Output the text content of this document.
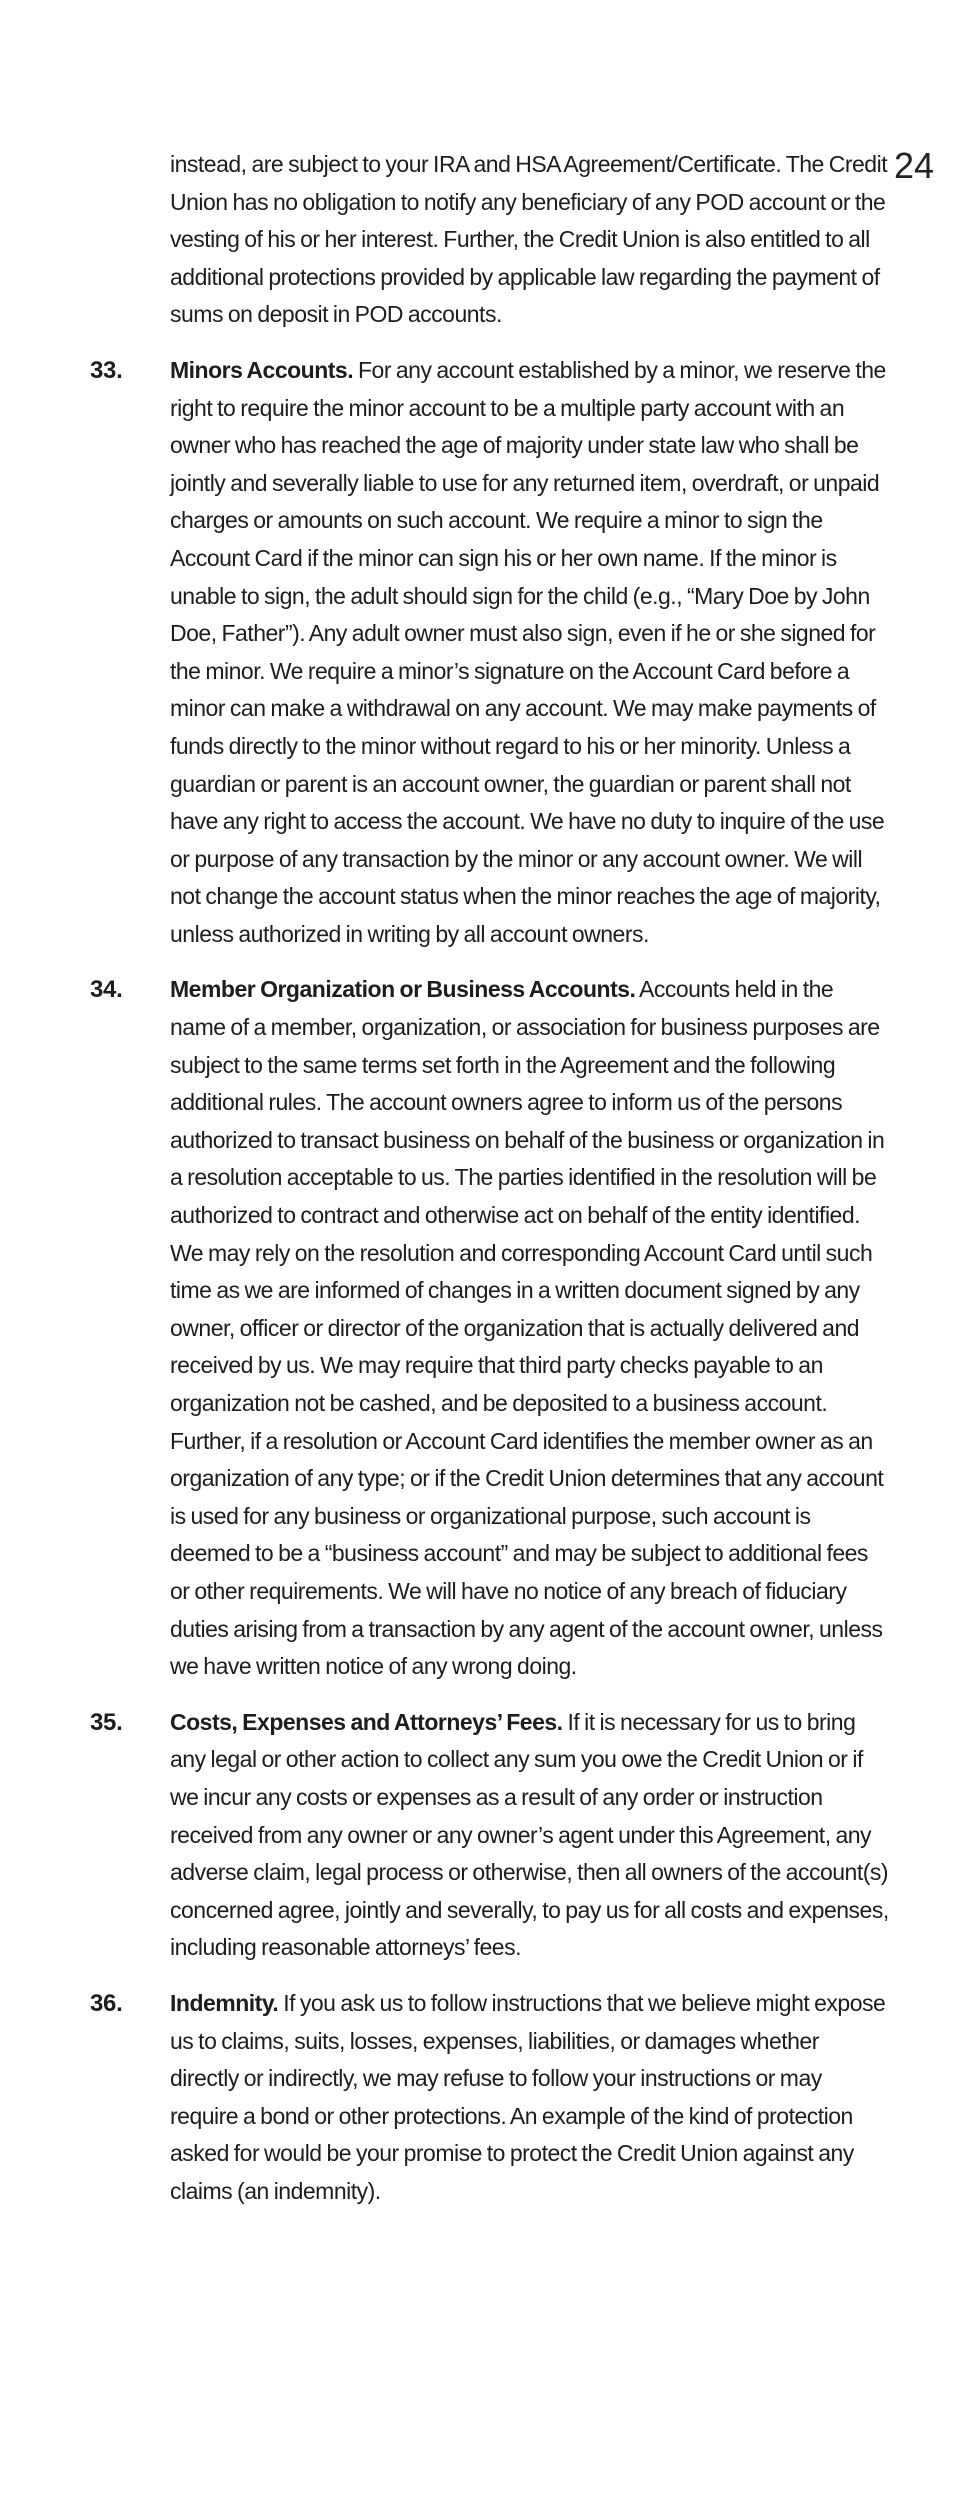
24
instead, are subject to your IRA and HSA Agreement/Certificate. The Credit Union has no obligation to notify any beneficiary of any POD account or the vesting of his or her interest. Further, the Credit Union is also entitled to all additional protections provided by applicable law regarding the payment of sums on deposit in POD accounts.
33.	Minors Accounts. For any account established by a minor, we reserve the right to require the minor account to be a multiple party account with an owner who has reached the age of majority under state law who shall be jointly and severally liable to use for any returned item, overdraft, or unpaid charges or amounts on such account. We require a minor to sign the Account Card if the minor can sign his or her own name. If the minor is unable to sign, the adult should sign for the child (e.g., “Mary Doe by John Doe, Father”). Any adult owner must also sign, even if he or she signed for the minor. We require a minor’s signature on the Account Card before a minor can make a withdrawal on any account. We may make payments of funds directly to the minor without regard to his or her minority. Unless a guardian or parent is an account owner, the guardian or parent shall not have any right to access the account. We have no duty to inquire of the use or purpose of any transaction by the minor or any account owner. We will not change the account status when the minor reaches the age of majority, unless authorized in writing by all account owners.
34.	Member Organization or Business Accounts. Accounts held in the name of a member, organization, or association for business purposes are subject to the same terms set forth in the Agreement and the following additional rules. The account owners agree to inform us of the persons authorized to transact business on behalf of the business or organization in a resolution acceptable to us. The parties identified in the resolution will be authorized to contract and otherwise act on behalf of the entity identified. We may rely on the resolution and corresponding Account Card until such time as we are informed of changes in a written document signed by any owner, officer or director of the organization that is actually delivered and received by us. We may require that third party checks payable to an organization not be cashed, and be deposited to a business account. Further, if a resolution or Account Card identifies the member owner as an organization of any type; or if the Credit Union determines that any account is used for any business or organizational purpose, such account is deemed to be a “business account” and may be subject to additional fees or other requirements. We will have no notice of any breach of fiduciary duties arising from a transaction by any agent of the account owner, unless we have written notice of any wrong doing.
35.	Costs, Expenses and Attorneys’ Fees. If it is necessary for us to bring any legal or other action to collect any sum you owe the Credit Union or if we incur any costs or expenses as a result of any order or instruction received from any owner or any owner’s agent under this Agreement, any adverse claim, legal process or otherwise, then all owners of the account(s) concerned agree, jointly and severally, to pay us for all costs and expenses, including reasonable attorneys’ fees.
36.	Indemnity. If you ask us to follow instructions that we believe might expose us to claims, suits, losses, expenses, liabilities, or damages whether directly or indirectly, we may refuse to follow your instructions or may require a bond or other protections. An example of the kind of protection asked for would be your promise to protect the Credit Union against any claims (an indemnity).
